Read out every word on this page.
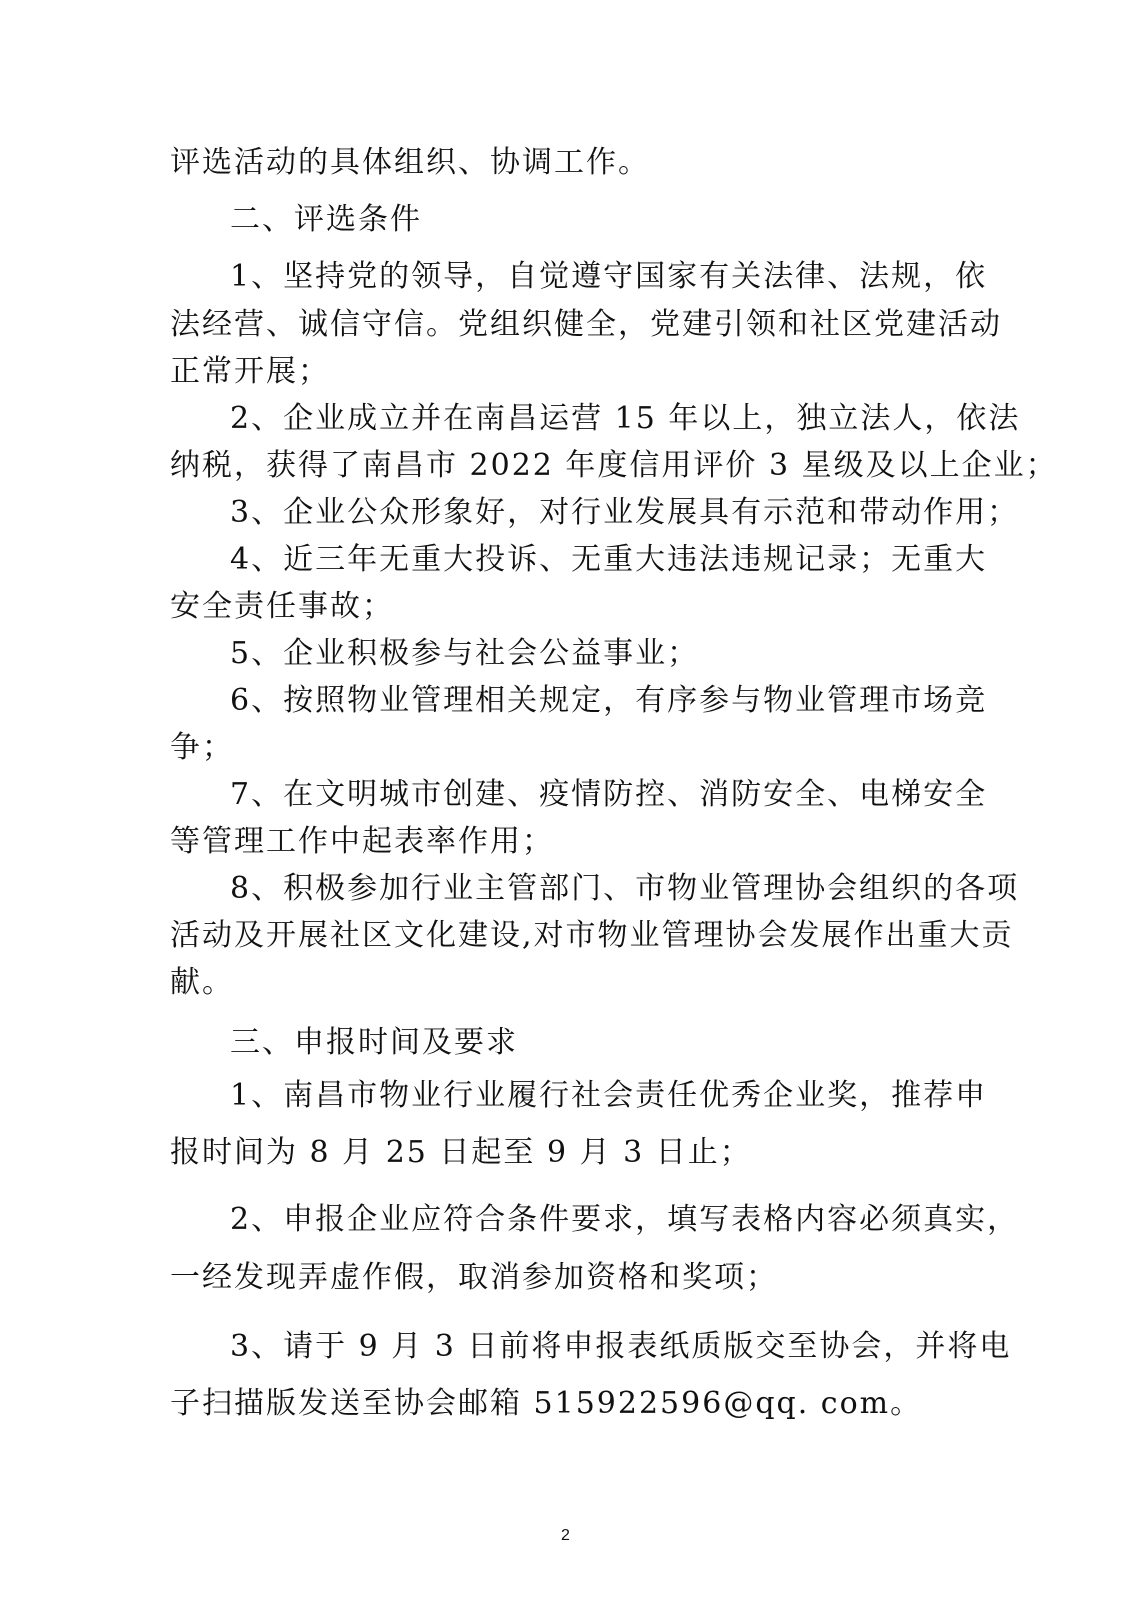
评选活动的具体组织、协调工作。

二、评选条件

1、坚持党的领导，自觉遵守国家有关法律、法规，依

法经营、诚信守信。党组织健全，党建引领和社区党建活动

正常开展；

2、企业成立并在南昌运营 15 年以上，独立法人，依法

纳税，获得了南昌市 2022 年度信用评价 3 星级及以上企业；

3、企业公众形象好，对行业发展具有示范和带动作用；

4、近三年无重大投诉、无重大违法违规记录；无重大

安全责任事故；

5、企业积极参与社会公益事业；

6、按照物业管理相关规定，有序参与物业管理市场竞

争；

7、在文明城市创建、疫情防控、消防安全、电梯安全

等管理工作中起表率作用；

8、积极参加行业主管部门、市物业管理协会组织的各项

活动及开展社区文化建设,对市物业管理协会发展作出重大贡

献。

三、申报时间及要求

1、南昌市物业行业履行社会责任优秀企业奖，推荐申

报时间为 8 月 25 日起至 9 月 3 日止；

2、申报企业应符合条件要求，填写表格内容必须真实，

一经发现弄虚作假，取消参加资格和奖项；

3、请于 9 月 3 日前将申报表纸质版交至协会，并将电

子扫描版发送至协会邮箱 515922596@qq. com。

2
